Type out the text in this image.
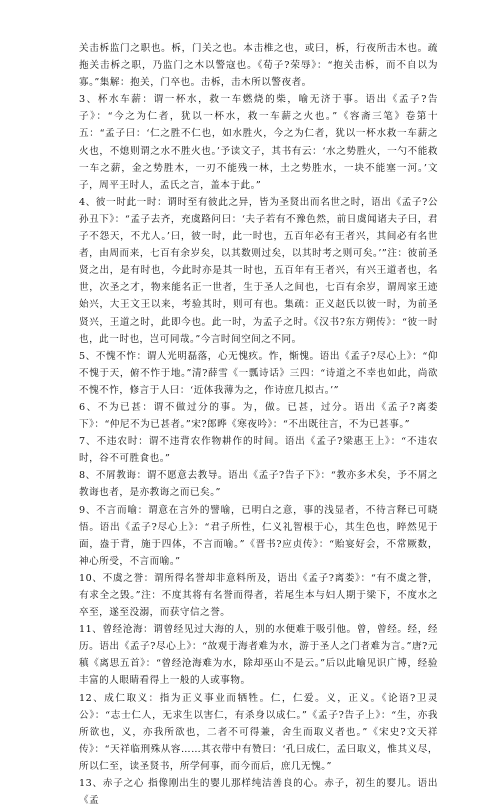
关击柝监门之职也。柝，门关之也。本击椎之也，或曰，柝，行夜所击木也。疏拖关击柝之职，乃监门之木以警寇也。《荀子?荣辱》：“抱关击柝，而不自以为寡。”集解：抱关，门卒也。击柝，击木所以警夜者。

3、杯水车薪：谓一杯水，救一车燃烧的柴，喻无济于事。语出《孟子?告子》：“今之为仁者，犹以一杯水，救一车薪之火也。”《容斋三笔》卷第十五：“孟子曰：‘仁之胜不仁也，如水胜火，今之为仁者，犹以一杯水救一车薪之火也，不熄则谓之水不胜火也。’予读文子，其书有云：‘水之势胜火，一勺不能救一车之薪，金之势胜木，一刃不能残一林，土之势胜水，一块不能塞一河。’文子，周平王时人，孟氏之言，盖本于此。”

4、彼一时此一时：谓时至有彼此之异，皆为圣贤出而名世之时，语出《孟子?公孙丑下》：“孟子去齐，充虞路问曰：‘夫子若有不豫色然，前日虞闻诸夫子曰，君子不怨天，不尤人。’曰，彼一时，此一时也，五百年必有王者兴，其间必有名世者，由周而来，七百有余岁矣，以其数则过矣，以其时考之则可矣。’”注：彼前圣贤之出，是有时也，今此时亦是其一时也，五百年有王者兴，有兴王道者也，名世，次圣之才，物来能名正一世者，生于圣人之间也，七百有余岁，谓周家王迹始兴，大王文王以来，考验其时，则可有也。集疏：正义赵氏以彼一时，为前圣贤兴，王道之时，此即今也。此一时，为孟子之时。《汉书?东方朔传》：“彼一时也，此一时也，岂可同哉。”今言时间空间之不同。

5、不愧不怍：谓人光明磊落，心无愧疚。怍，惭愧。语出《孟子?尽心上》：“仰不愧于天，俯不怍于地。”清?薛雪《一瓢诗话》三四：“诗道之不幸也如此，尚欲不愧不怍，修言于人曰：‘近体我薄为之，作诗庶几拟古。’”

6、不为已甚：谓不做过分的事。为，做。已甚，过分。语出《孟子?离娄下》：“仲尼不为已甚者。”宋?郎晔《寒夜吟》：“不出既往言，不为已甚事。”

7、不违农时：谓不违背农作物耕作的时间。语出《孟子?梁惠王上》：“不违农时，谷不可胜食也。”

8、不屑教诲：谓不愿意去教导。语出《孟子?告子下》：“教亦多术矣，予不屑之教诲也者，是亦教诲之而已矣。”

9、不言而喻：谓意在言外的譬喻，已明白之意，事的浅显者，不待言释已可晓悟。语出《孟子?尽心上》：“君子所性，仁义礼智根于心，其生色也，睟然见于面，盎于背，施于四体，不言而喻。”《晋书?应贞传》：“贻宴好会，不常厥数，神心所受，不言而喻。”

10、不虞之誉：谓所得名誉却非意料所及，语出《孟子?离娄》：“有不虞之誉，有求全之毁。”注：不度其将有名誉而得者，若尾生本与妇人期于梁下，不度水之卒至，遂至没溺，而获守信之誉。

11、曾经沧海：谓曾经见过大海的人，别的水便难于吸引他。曾，曾经。经，经历。语出《孟子?尽心上》：“故观于海者难为水，游于圣人之门者难为言。”唐?元稹《离思五首》：“曾经沧海难为水，除却巫山不是云。”后以此喻见识广博，经验丰富的人眼睛看得上一般的人或事物。

12、成仁取义：指为正义事业而牺牲。仁，仁爱。义，正义。《论语?卫灵公》：“志士仁人，无求生以害仁，有杀身以成仁。”《孟子?告子上》：“生，亦我所欲也，义，亦我所欲也，二者不可得兼，舍生而取义者也。”《宋史?文天祥传》：“天祥临刑殊从容……其衣带中有赞曰：‘孔曰成仁，孟曰取义，惟其义尽，所以仁至，读圣贤书，所学何事，而今而后，庶几无愧。”

13、赤子之心 指像刚出生的婴儿那样纯洁善良的心。赤子，初生的婴儿。语出《孟
